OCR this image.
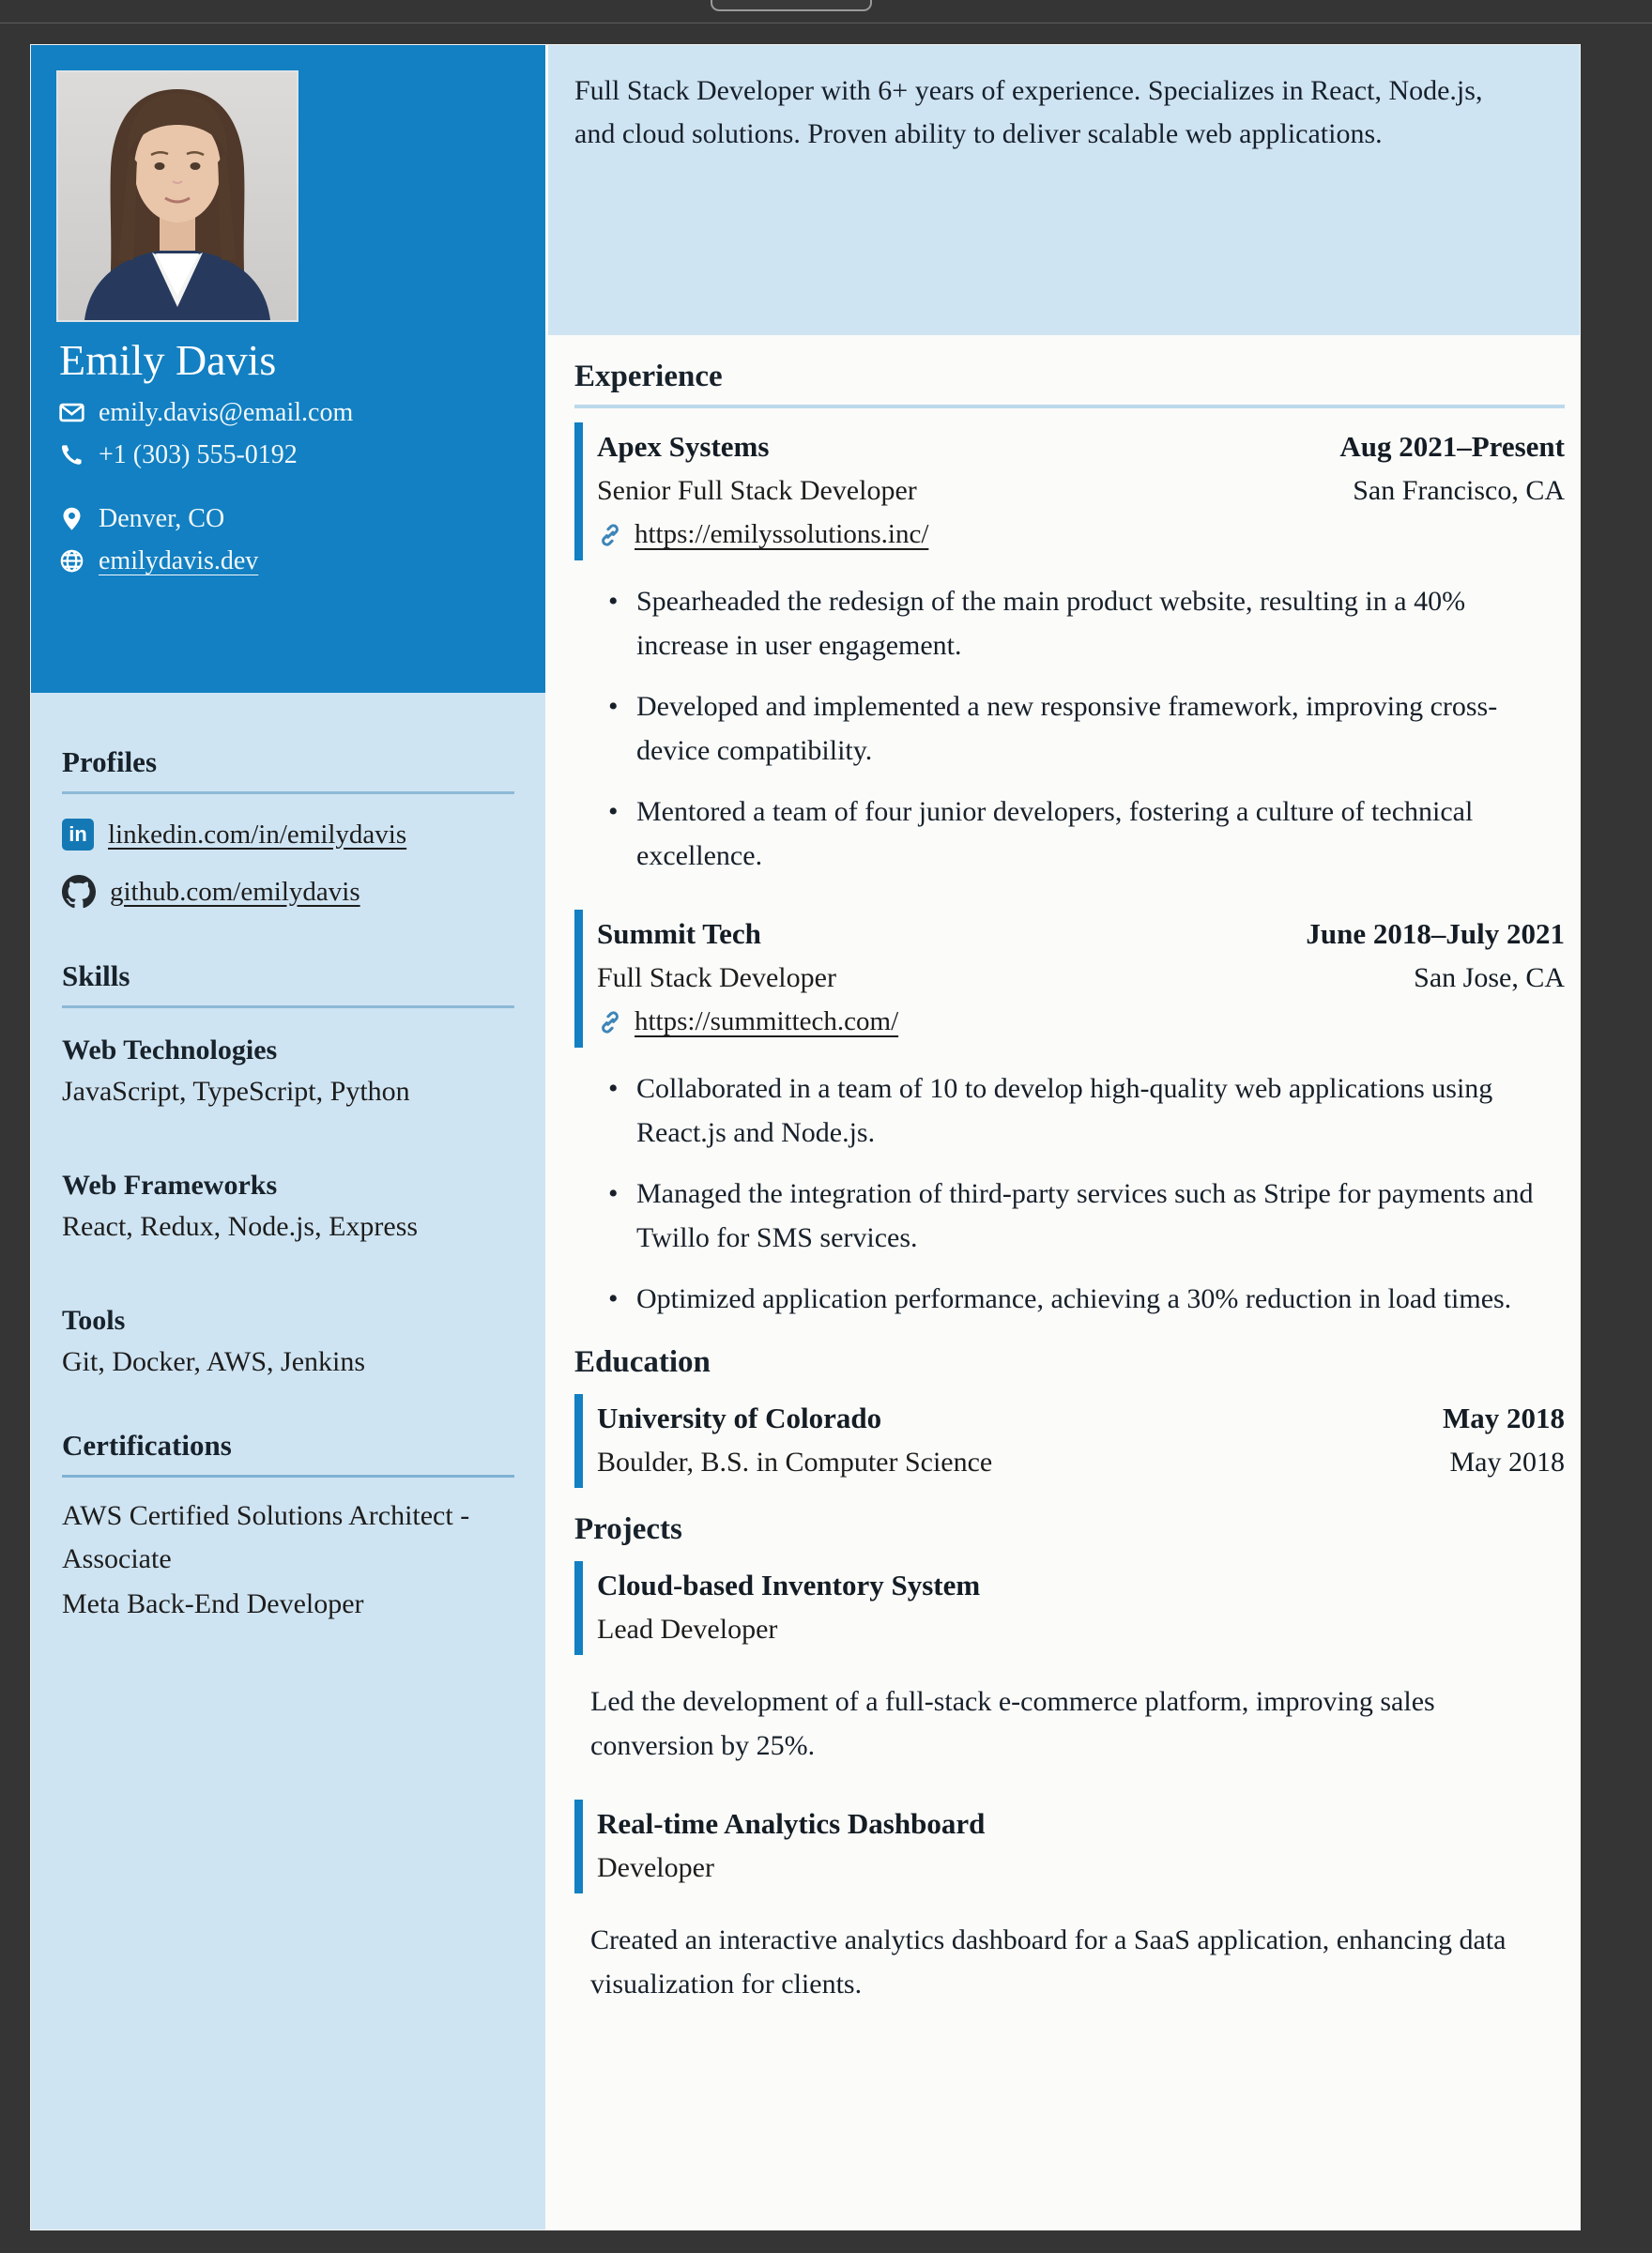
Emily Davis
emily.davis@email.com
+1 (303) 555-0192
Denver, CO
emilydavis.dev
Profiles
in linkedin.com/in/emilydavis
github.com/emilydavis
Skills
Web Technologies
JavaScript, TypeScript, Python
Web Frameworks
React, Redux, Node.js, Express
Tools
Git, Docker, AWS, Jenkins
Certifications
AWS Certified Solutions Architect - Associate
Meta Back-End Developer
Full Stack Developer with 6+ years of experience. Specializes in React, Node.js, and cloud solutions. Proven ability to deliver scalable web applications.
Experience
Apex Systems	Aug 2021–Present
Senior Full Stack Developer	San Francisco, CA
https://emilyssolutions.inc/
• Spearheaded the redesign of the main product website, resulting in a 40% increase in user engagement.
• Developed and implemented a new responsive framework, improving cross-device compatibility.
• Mentored a team of four junior developers, fostering a culture of technical excellence.
Summit Tech	June 2018–July 2021
Full Stack Developer	San Jose, CA
https://summittech.com/
• Collaborated in a team of 10 to develop high-quality web applications using React.js and Node.js.
• Managed the integration of third-party services such as Stripe for payments and Twillo for SMS services.
• Optimized application performance, achieving a 30% reduction in load times.
Education
University of Colorado	May 2018
Boulder, B.S. in Computer Science	May 2018
Projects
Cloud-based Inventory System
Lead Developer
Led the development of a full-stack e-commerce platform, improving sales conversion by 25%.
Real-time Analytics Dashboard
Developer
Created an interactive analytics dashboard for a SaaS application, enhancing data visualization for clients.
